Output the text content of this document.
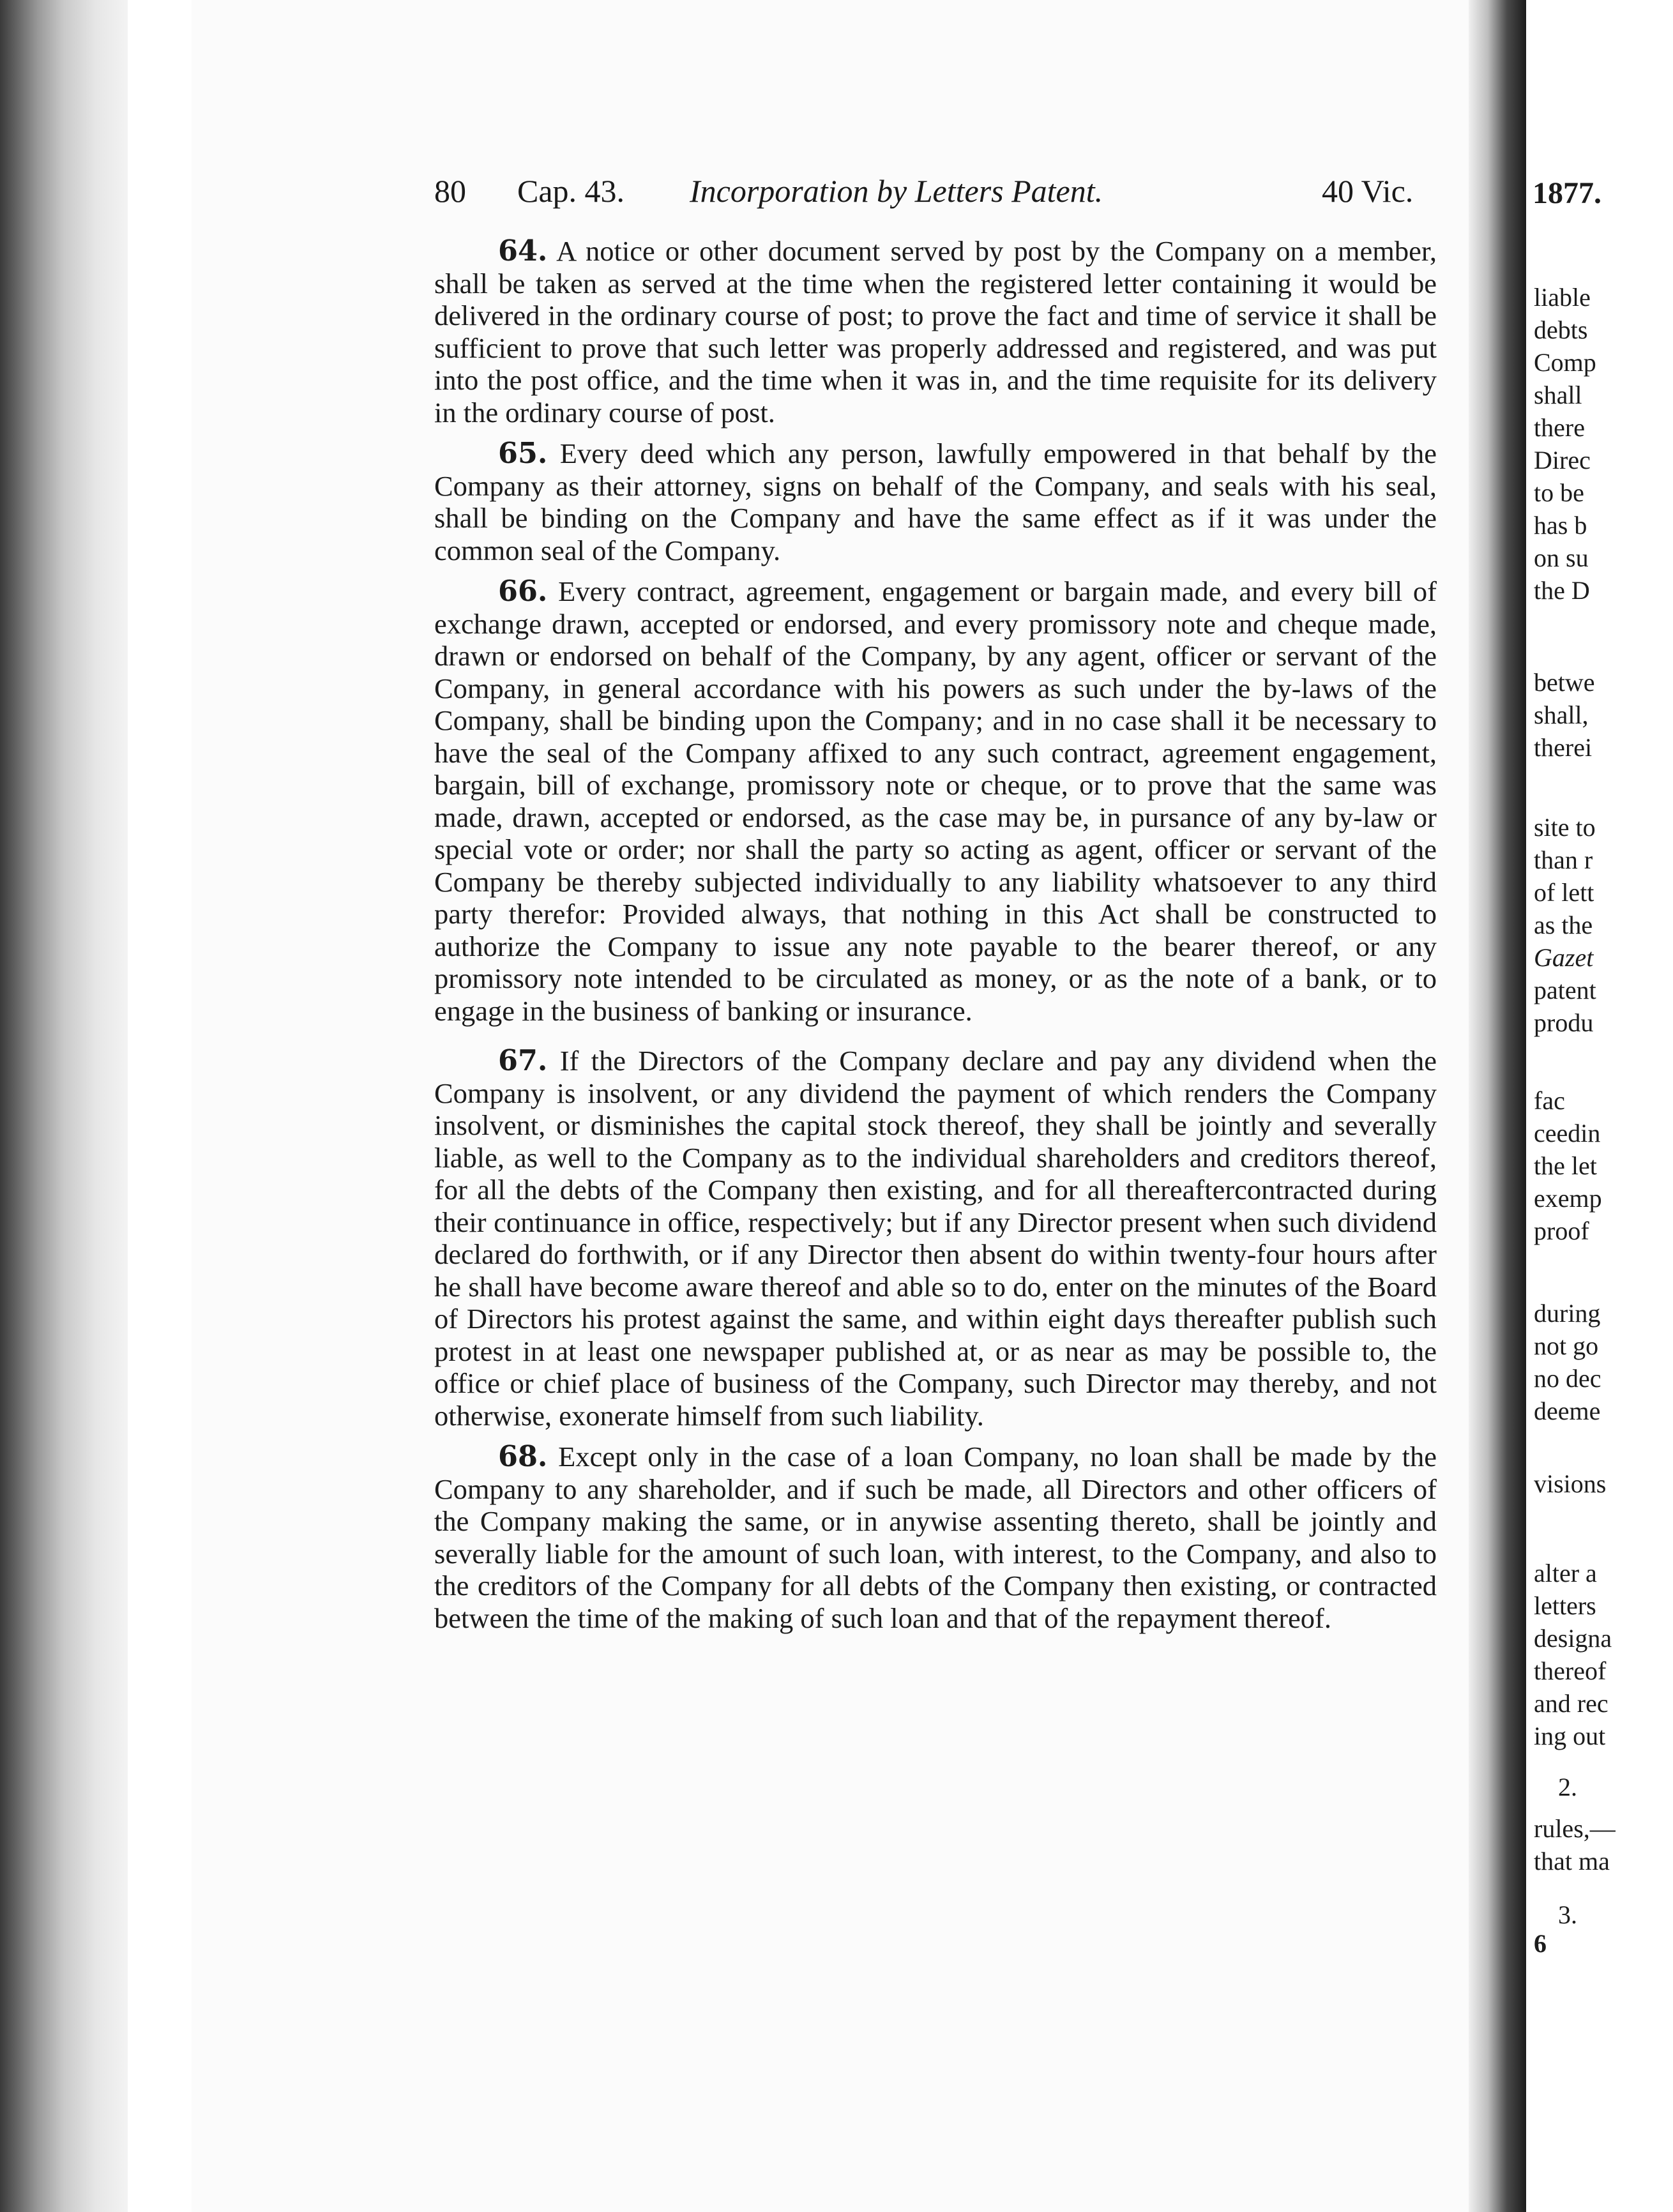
80 Cap. 43. Incorporation by Letters Patent.	40 Vic.

64. A notice or other document served by post by the Company on a member, shall be taken as served at the time when the registered letter containing it would be delivered in the ordinary course of post; to prove the fact and time of service it shall be sufficient to prove that such letter was properly addressed and registered, and was put into the post office, and the time when it was in, and the time requisite for its delivery in the ordinary course of post.

65. Every deed which any person, lawfully empowered in that behalf by the Company as their attorney, signs on behalf of the Company, and seals with his seal, shall be binding on the Company and have the same effect as if it was under the common seal of the Company.

66. Every contract, agreement, engagement or bargain made, and every bill of exchange drawn, accepted or endorsed, and every promissory note and cheque made, drawn or endorsed on behalf of the Company, by any agent, officer or servant of the Company, in general accordance with his powers as such under the by-laws of the Company, shall be binding upon the Company; and in no case shall it be necessary to have the seal of the Company affixed to any such contract, agreement engagement, bargain, bill of exchange, promissory note or cheque, or to prove that the same was made, drawn, accepted or endorsed, as the case may be, in pursance of any by-law or special vote or order; nor shall the party so acting as agent, officer or servant of the Company be thereby subjected individually to any liability whatsoever to any third party therefor: Provided always, that nothing in this Act shall be constructed to authorize the Company to issue any note payable to the bearer thereof, or any promissory note intended to be circulated as money, or as the note of a bank, or to engage in the business of banking or insurance.

67. If the Directors of the Company declare and pay any dividend when the Company is insolvent, or any dividend the payment of which renders the Company insolvent, or disminishes the capital stock thereof, they shall be jointly and severally liable, as well to the Company as to the individual shareholders and creditors thereof, for all the debts of the Company then existing, and for all thereaftercontracted during their continuance in office, respectively; but if any Director present when such dividend declared do forthwith, or if any Director then absent do within twenty-four hours after he shall have become aware thereof and able so to do, enter on the minutes of the Board of Directors his protest against the same, and within eight days thereafter publish such protest in at least one newspaper published at, or as near as may be possible to, the office or chief place of business of the Company, such Director may thereby, and not otherwise, exonerate himself from such liability.

68. Except only in the case of a loan Company, no loan shall be made by the Company to any shareholder, and if such be made, all Directors and other officers of the Company making the same, or in anywise assenting thereto, shall be jointly and severally liable for the amount of such loan, with interest, to the Company, and also to the creditors of the Company for all debts of the Company then existing, or contracted between the time of the making of such loan and that of the repayment thereof.

1877.
liable
debts
Comp
shall
there
Direc
to be
has b
on su
the D
betwe
shall,
therei
site to
than r
of lett
as the
Gazet
patent
produ
fac
ceedin
the let
exemp
proof
during
not go
no dec
deeme
visions
alter a
letters
designa
thereof
and rec
ing out
2.
rules,—
that ma
3.
6
